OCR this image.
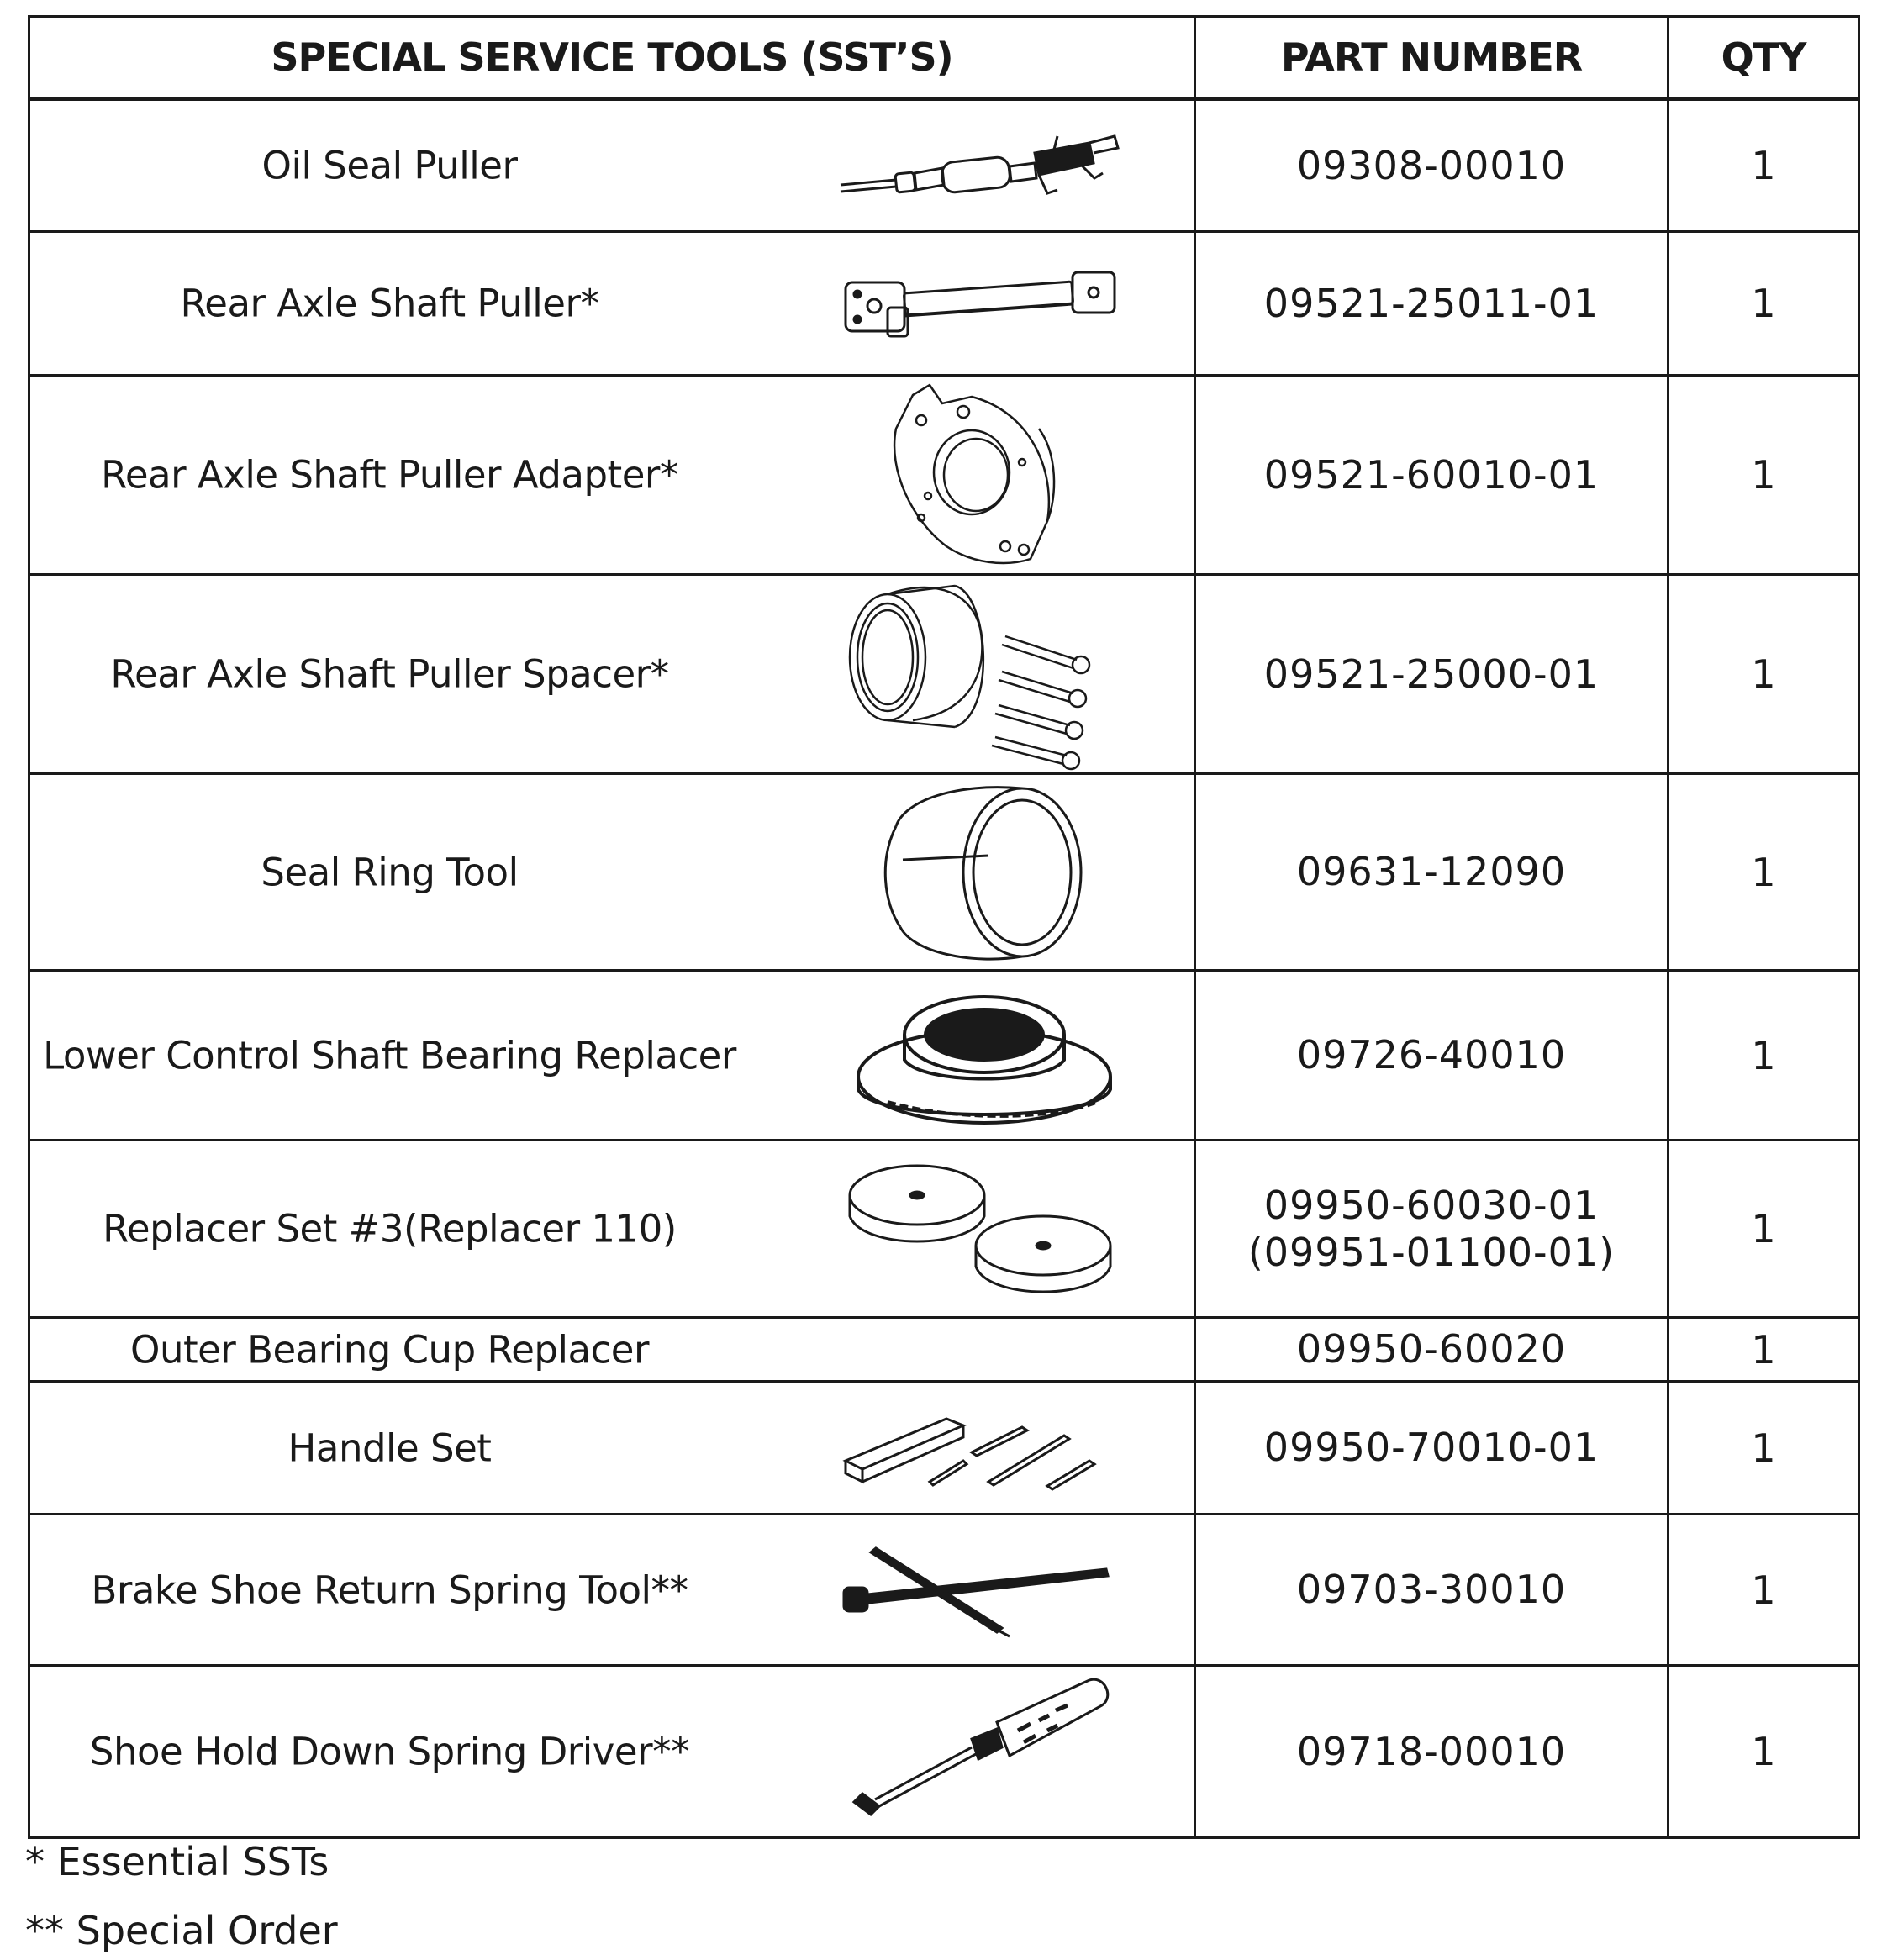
SPECIAL SERVICE TOOLS (SST’S)	PART NUMBER	QTY

Oil Seal Puller	09308-00010	1

Rear Axle Shaft Puller*	09521-25011-01	1

Rear Axle Shaft Puller Adapter*	09521-60010-01	1

Rear Axle Shaft Puller Spacer*	09521-25000-01	1

Seal Ring Tool	09631-12090	1

Lower Control Shaft Bearing Replacer	09726-40010	1

Replacer Set #3(Replacer 110)	09950-60030-01
(09951-01100-01)	1

Outer Bearing Cup Replacer	09950-60020	1

Handle Set	09950-70010-01	1

Brake Shoe Return Spring Tool**	09703-30010	1

Shoe Hold Down Spring Driver**	09718-00010	1
* Essential SSTs
** Special Order
